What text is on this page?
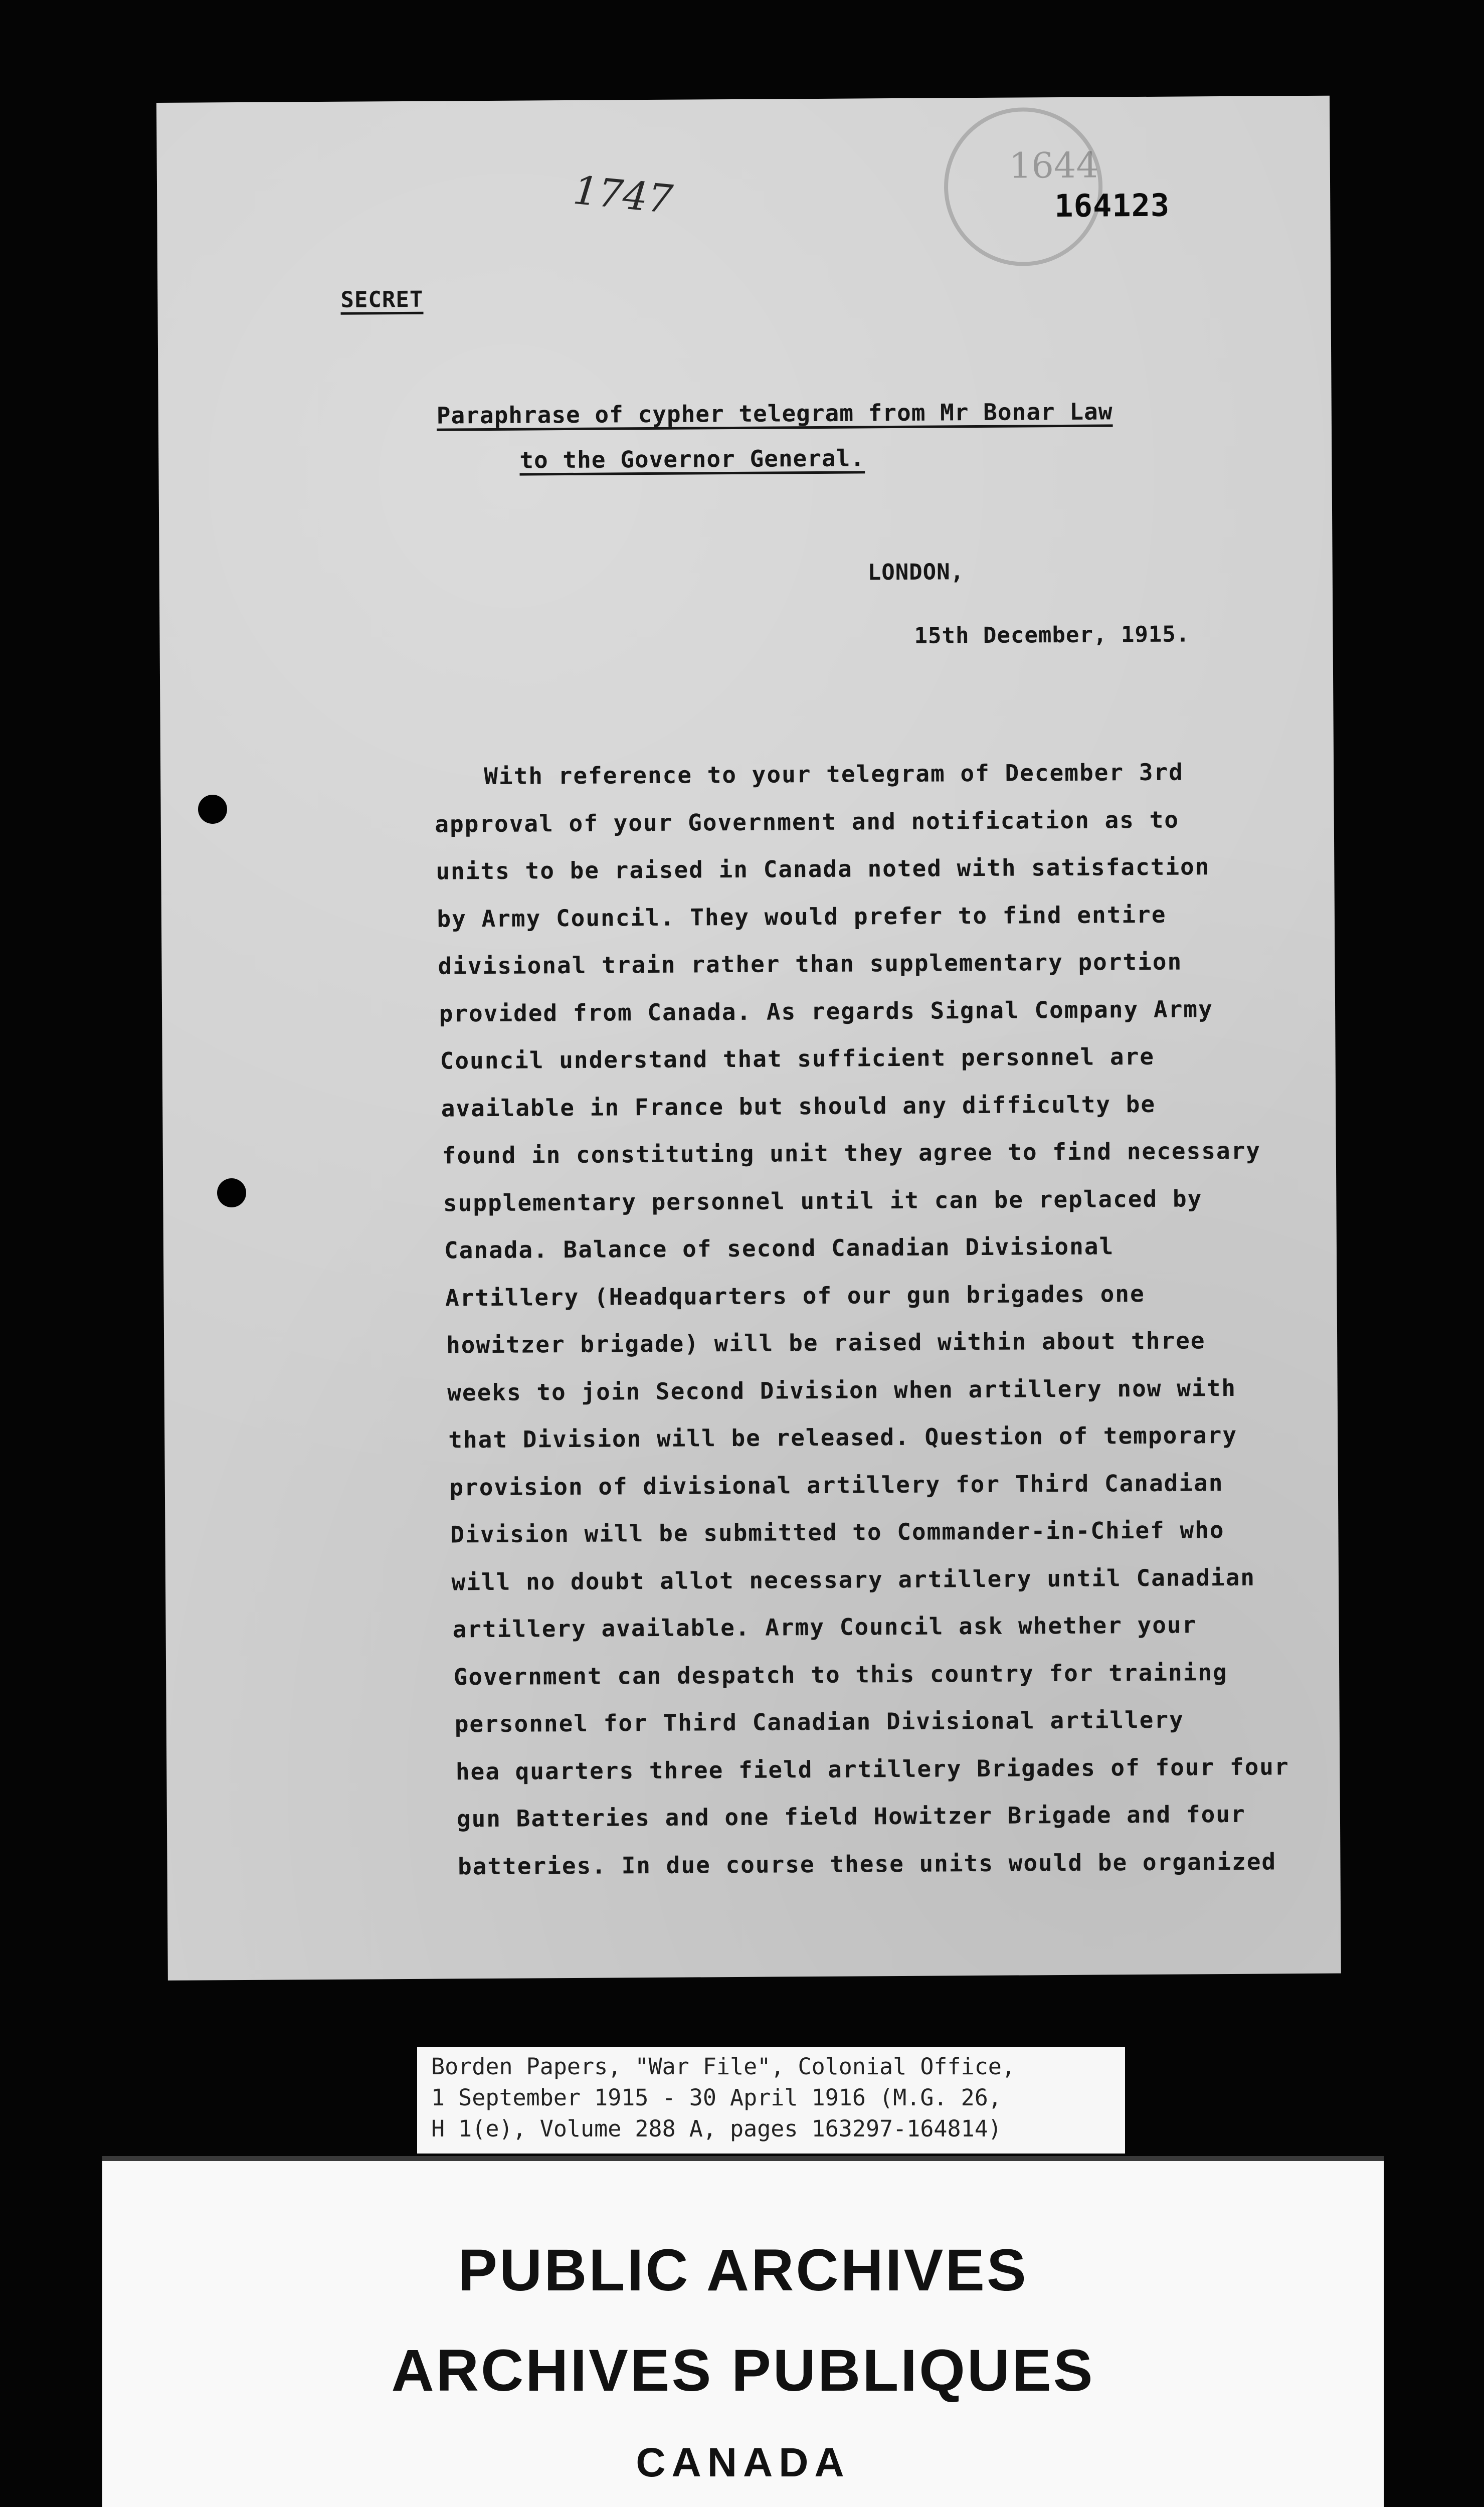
1747
1644
164123
SECRET
Paraphrase of cypher telegram from Mr Bonar Law
to the Governor General.
LONDON,
15th December, 1915.
With reference to your telegram of December 3rd
approval of your Government and notification as to
units to be raised in Canada noted with satisfaction
by Army Council. They would prefer to find entire
divisional train rather than supplementary portion
provided from Canada. As regards Signal Company Army
Council understand that sufficient personnel are
available in France but should any difficulty be
found in constituting unit they agree to find necessary
supplementary personnel until it can be replaced by
Canada. Balance of second Canadian Divisional
Artillery (Headquarters of our gun brigades one
howitzer brigade) will be raised within about three
weeks to join Second Division when artillery now with
that Division will be released. Question of temporary
provision of divisional artillery for Third Canadian
Division will be submitted to Commander-in-Chief who
will no doubt allot necessary artillery until Canadian
artillery available. Army Council ask whether your
Government can despatch to this country for training
personnel for Third Canadian Divisional artillery
hea quarters three field artillery Brigades of four four
gun Batteries and one field Howitzer Brigade and four
batteries. In due course these units would be organized
Borden Papers, "War File", Colonial Office,
1 September 1915 - 30 April 1916 (M.G. 26,
H 1(e), Volume 288 A, pages 163297-164814)
PUBLIC ARCHIVES
ARCHIVES PUBLIQUES
CANADA
